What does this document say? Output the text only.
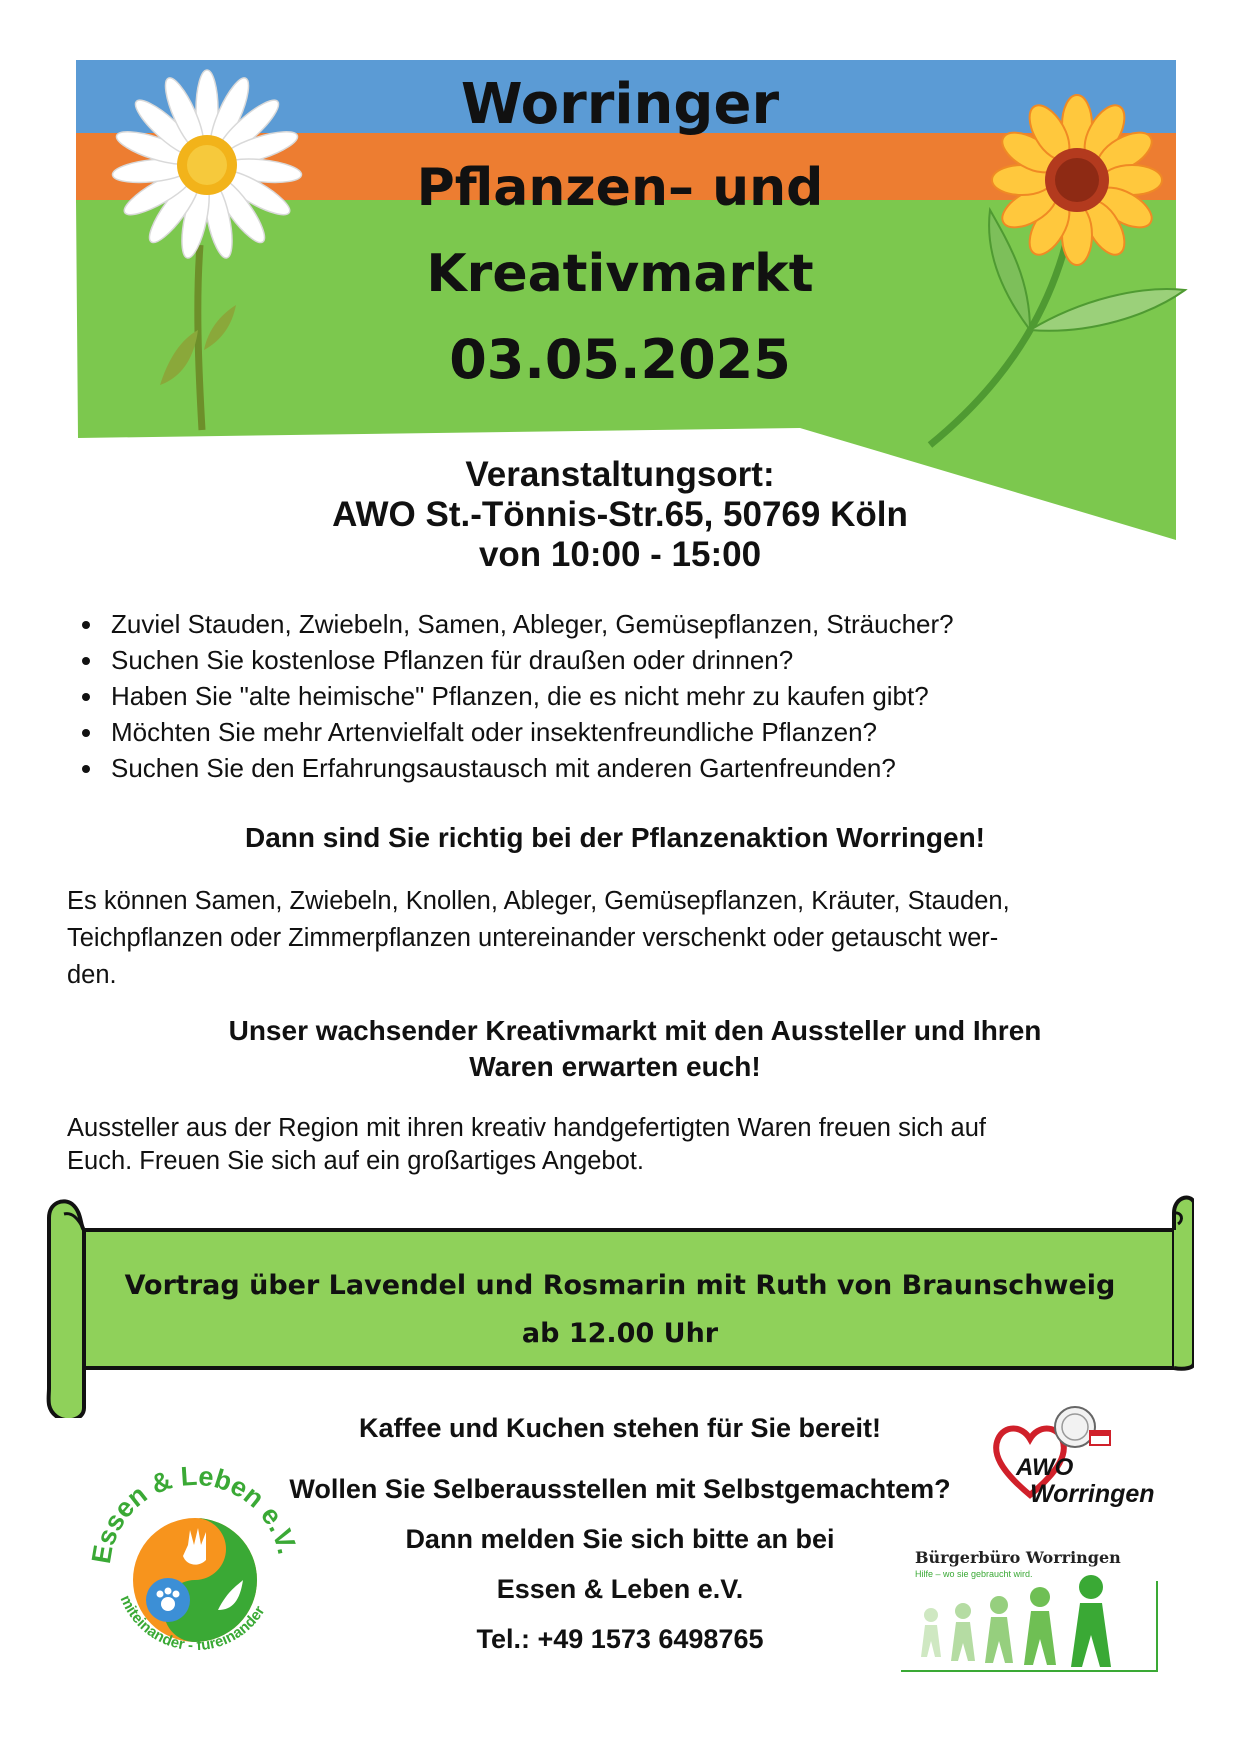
Worringer
Pflanzen– und
Kreativmarkt
03.05.2025
Veranstaltungsort:
AWO St.-Tönnis-Str.65, 50769 Köln
von 10:00 - 15:00
• Zuviel Stauden, Zwiebeln, Samen, Ableger, Gemüsepflanzen, Sträucher?
• Suchen Sie kostenlose Pflanzen für draußen oder drinnen?
• Haben Sie "alte heimische" Pflanzen, die es nicht mehr zu kaufen gibt?
• Möchten Sie mehr Artenvielfalt oder insektenfreundliche Pflanzen?
• Suchen Sie den Erfahrungsaustausch mit anderen Gartenfreunden?
Dann sind Sie richtig bei der Pflanzenaktion Worringen!
Es können Samen, Zwiebeln, Knollen, Ableger, Gemüsepflanzen, Kräuter, Stauden,
Teichpflanzen oder Zimmerpflanzen untereinander verschenkt oder getauscht wer-
den.
Unser wachsender Kreativmarkt mit den Aussteller und Ihren
Waren erwarten euch!
Aussteller aus der Region mit ihren kreativ handgefertigten Waren freuen sich auf
Euch. Freuen Sie sich auf ein großartiges Angebot.
Vortrag über Lavendel und Rosmarin mit Ruth von Braunschweig
ab 12.00 Uhr
Kaffee und Kuchen stehen für Sie bereit!
Wollen Sie Selberausstellen mit Selbstgemachtem?
Dann melden Sie sich bitte an bei
Essen & Leben e.V.
Tel.: +49 1573 6498765
Essen & Leben e.V
miteinander - füreinander
AWO
Worringen
Bürgerbüro Worringen
Hilfe – wo sie gebraucht wird.
